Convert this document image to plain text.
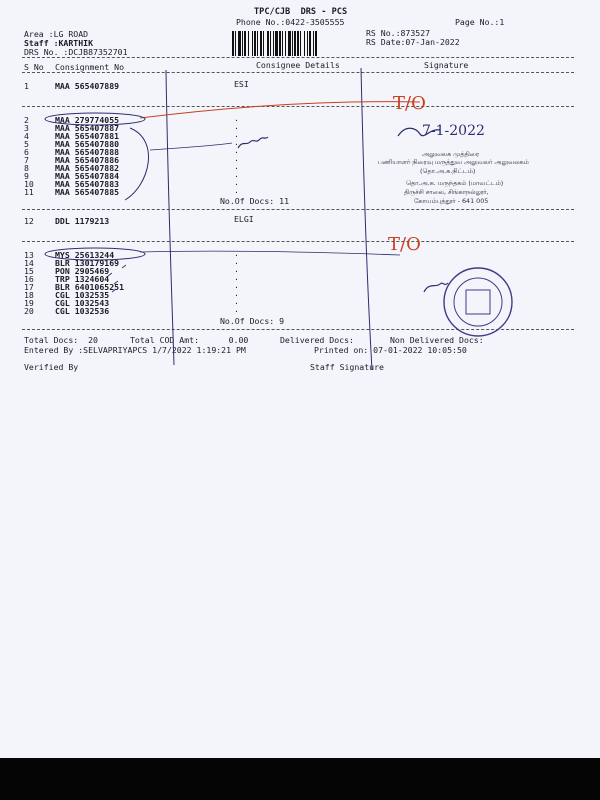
TPC/CJB  DRS - PCS
Phone No.:0422-3505555	Page No.:1
Area :LG ROAD
Staff :KARTHIK
DRS No. :DCJB87352701
RS No.:873527
RS Date:07-Jan-2022
S No Consignment No	Consignee Details	Signature
1	MAA 565407889	ESI
2	MAA 279774055
3	MAA 565407887
4	MAA 565407881
5	MAA 565407880
6	MAA 565407888
7	MAA 565407886
8	MAA 565407882
9	MAA 565407884
10	MAA 565407883
11	MAA 565407885
No.Of Docs: 11
.
.
.
.
.
.
.
.
.
.
12	DDL 1179213	ELGI
13	MYS 25613244
14	BLR 130179169
15	PON 2905469
16	TRP 1324604
17	BLR 6401065251
18	CGL 1032535
19	CGL 1032543
20	CGL 1032536
.
.
.
.
.
.
.
.
No.Of Docs: 9
Total Docs:  20	Total COD Amt:      0.00	Delivered Docs:	Non Delivered Docs:
Entered By :SELVAPRIYAPCS 1/7/2022 1:19:21 PM	Printed on: 07-01-2022 10:05:50
Verified By	Staff Signature
T/O
T/O
7-1-2022
அலுவலக முத்திரை
பணியாளர் நிரைவு மருத்துவ அலுவலர் அலுவலகம்
(தொ.அ.க.நிட்டம்)
தொ.அ.க. மருந்தகம் (மாவட்டம்)
திருச்சி சாலை, சிங்காநல்லூர்,
கோயம்புத்தூர் - 641 005
